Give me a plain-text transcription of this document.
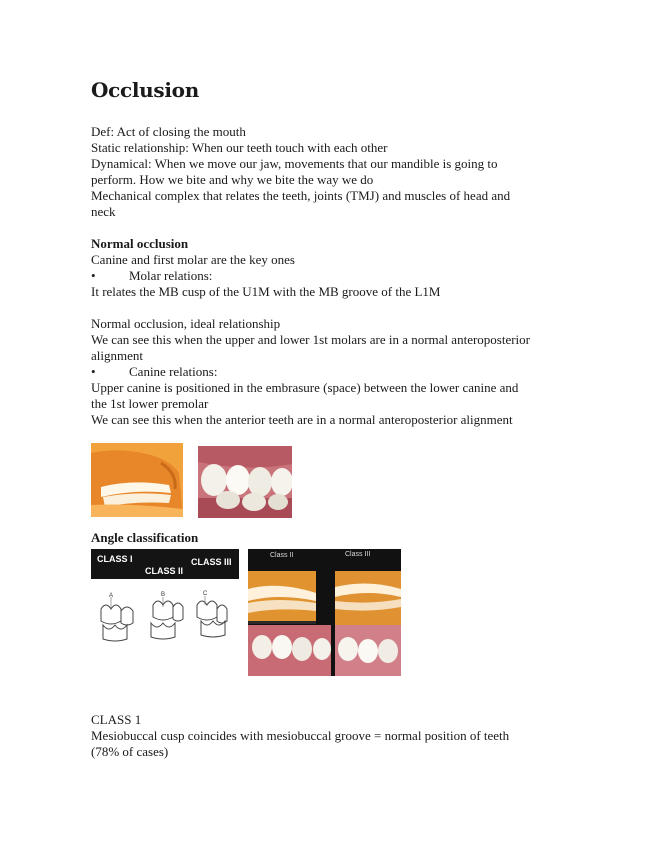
Occlusion

Def: Act of closing the mouth

Static relationship: When our teeth touch with each other

Dynamical: When we move our jaw, movements that our mandible is going to

perform. How we bite and why we bite the way we do

Mechanical complex that relates the teeth, joints (TMJ) and muscles of head and

neck

Normal occlusion

Canine and first molar are the key ones

•	Molar relations:

It relates the MB cusp of the U1M with the MB groove of the L1M

Normal occlusion, ideal relationship

We can see this when the upper and lower 1st molars are in a normal anteroposterior

alignment

•	Canine relations:

Upper canine is positioned in the embrasure (space) between the lower canine and

the 1st lower premolar

We can see this when the anterior teeth are in a normal anteroposterior alignment

Angle classification

CLASS I
CLASS II
CLASS III
A	B	C
Class II	Class III

CLASS 1

Mesiobuccal cusp coincides with mesiobuccal groove = normal position of teeth

(78% of cases)
